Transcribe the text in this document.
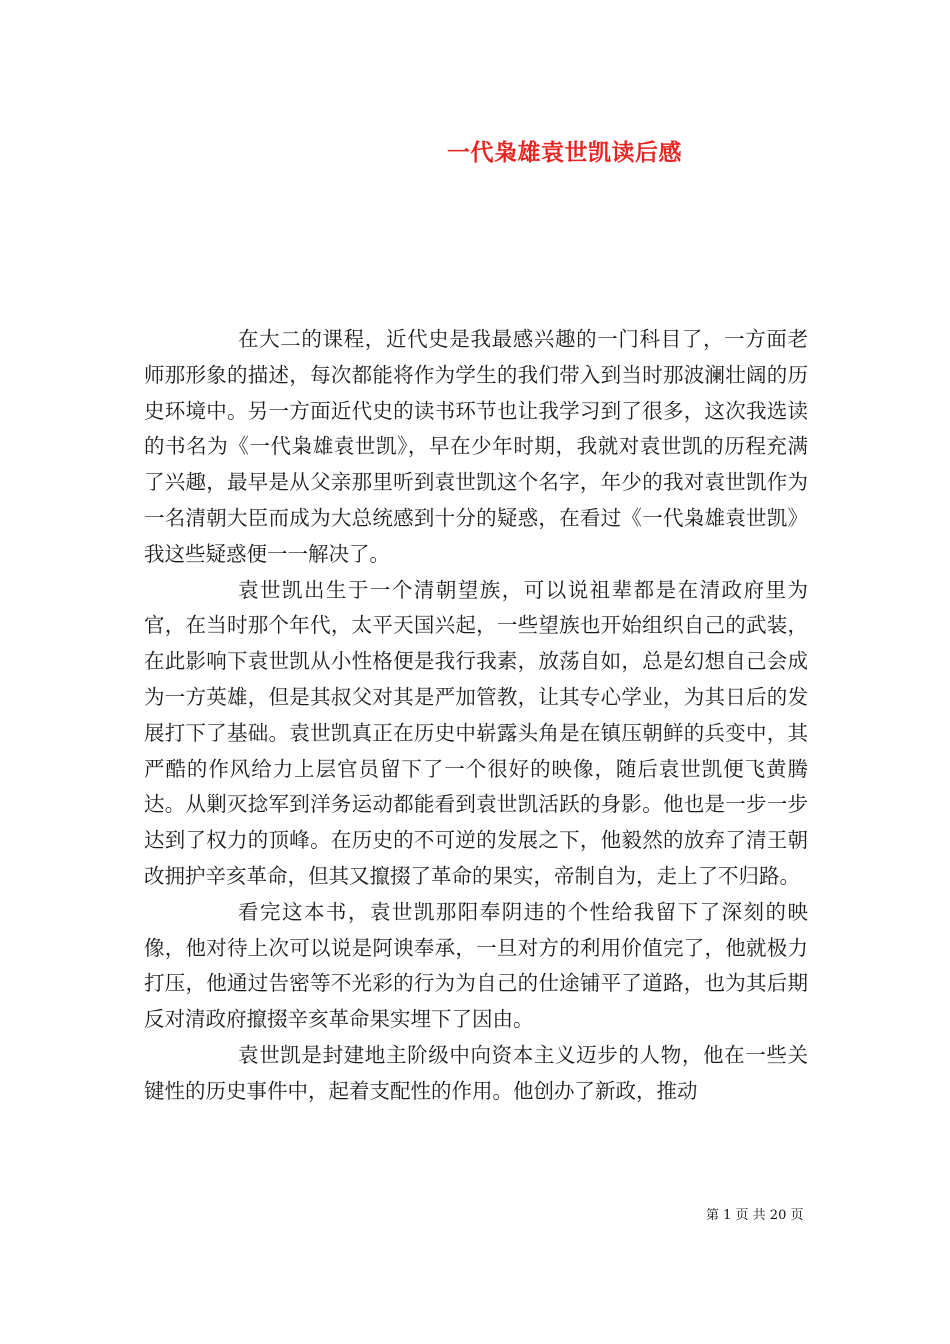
一代枭雄袁世凯读后感

在大二的课程，近代史是我最感兴趣的一门科目了，一方面老师那形象的描述，每次都能将作为学生的我们带入到当时那波澜壮阔的历史环境中。另一方面近代史的读书环节也让我学习到了很多，这次我选读的书名为《一代枭雄袁世凯》，早在少年时期，我就对袁世凯的历程充满了兴趣，最早是从父亲那里听到袁世凯这个名字，年少的我对袁世凯作为一名清朝大臣而成为大总统感到十分的疑惑，在看过《一代枭雄袁世凯》我这些疑惑便一一解决了。

袁世凯出生于一个清朝望族，可以说祖辈都是在清政府里为官，在当时那个年代，太平天国兴起，一些望族也开始组织自己的武装，在此影响下袁世凯从小性格便是我行我素，放荡自如，总是幻想自己会成为一方英雄，但是其叔父对其是严加管教，让其专心学业，为其日后的发展打下了基础。袁世凯真正在历史中崭露头角是在镇压朝鲜的兵变中，其严酷的作风给力上层官员留下了一个很好的映像，随后袁世凯便飞黄腾达。从剿灭捻军到洋务运动都能看到袁世凯活跃的身影。他也是一步一步达到了权力的顶峰。在历史的不可逆的发展之下，他毅然的放弃了清王朝改拥护辛亥革命，但其又攛掇了革命的果实，帝制自为，走上了不归路。

看完这本书，袁世凯那阳奉阴违的个性给我留下了深刻的映像，他对待上次可以说是阿谀奉承，一旦对方的利用价值完了，他就极力打压，他通过告密等不光彩的行为为自己的仕途铺平了道路，也为其后期反对清政府攛掇辛亥革命果实埋下了因由。

袁世凯是封建地主阶级中向资本主义迈步的人物，他在一些关键性的历史事件中，起着支配性的作用。他创办了新政，推动

第 1 页 共 20 页
